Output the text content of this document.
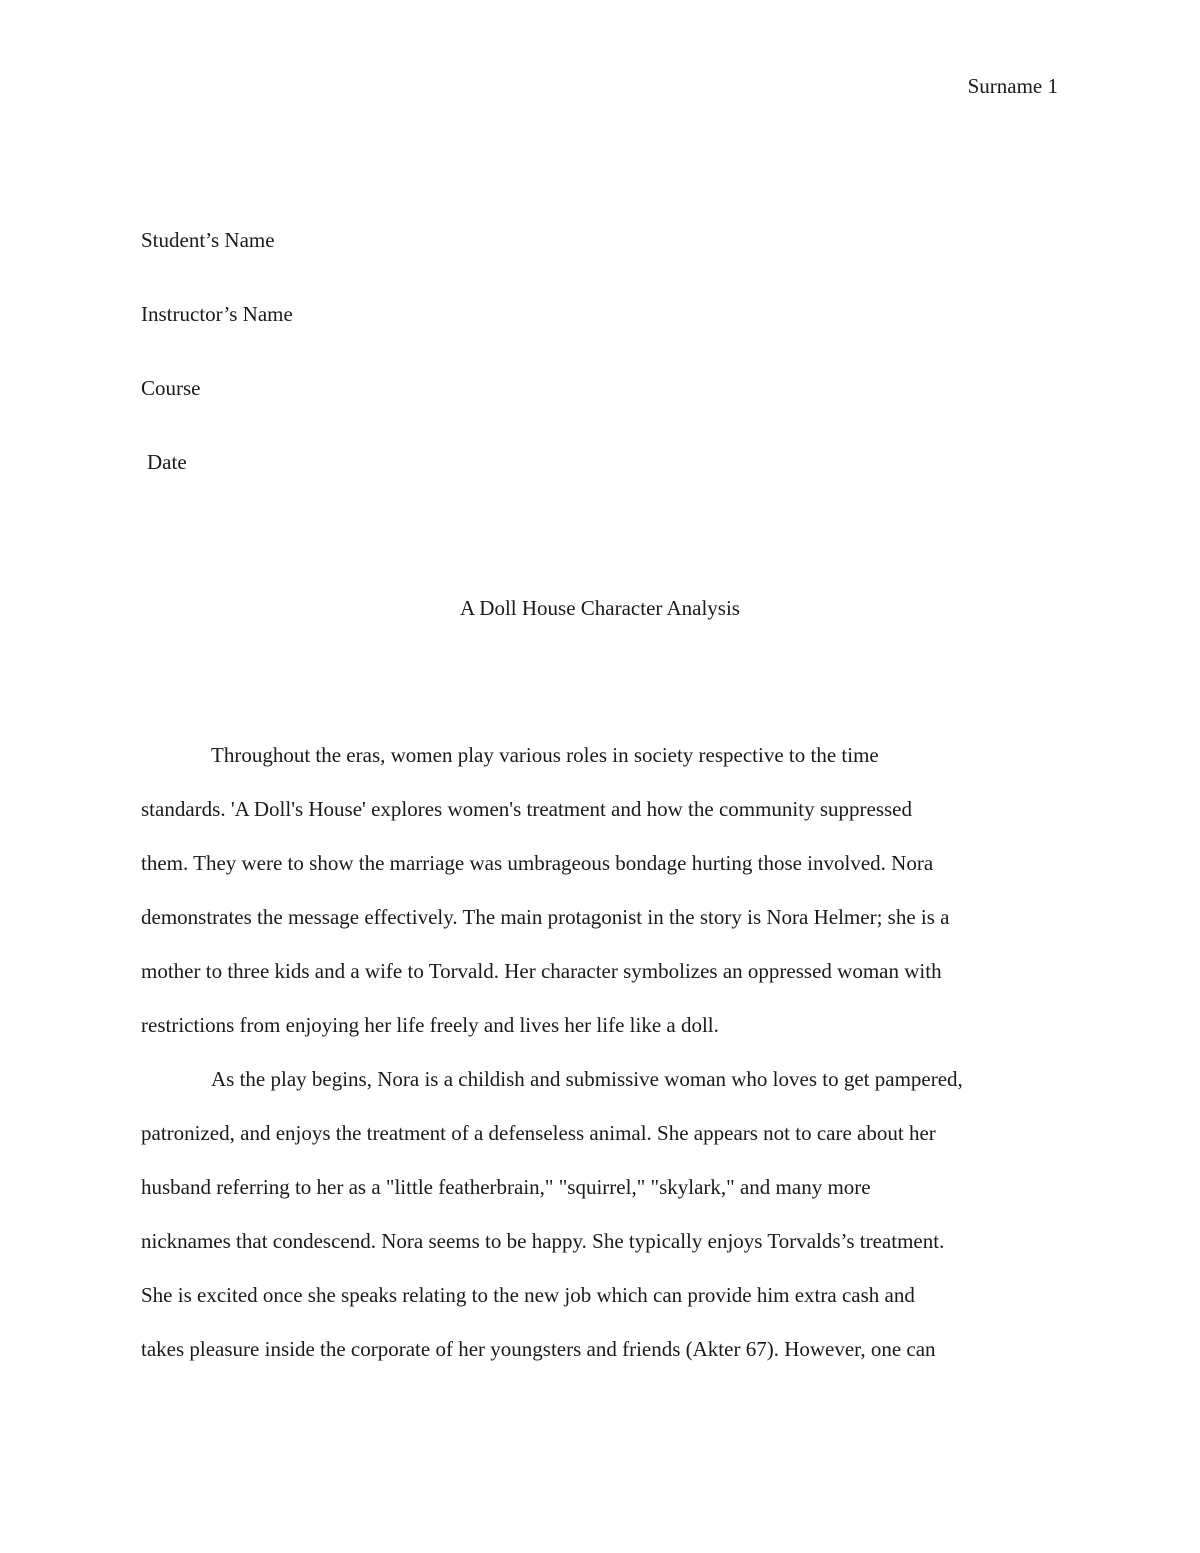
Surname 1
Student’s Name
Instructor’s Name
Course
Date
A Doll House Character Analysis
Throughout the eras, women play various roles in society respective to the time
standards. 'A Doll's House' explores women's treatment and how the community suppressed
them. They were to show the marriage was umbrageous bondage hurting those involved. Nora
demonstrates the message effectively. The main protagonist in the story is Nora Helmer; she is a
mother to three kids and a wife to Torvald. Her character symbolizes an oppressed woman with
restrictions from enjoying her life freely and lives her life like a doll.
As the play begins, Nora is a childish and submissive woman who loves to get pampered,
patronized, and enjoys the treatment of a defenseless animal. She appears not to care about her
husband referring to her as a "little featherbrain," "squirrel," "skylark," and many more
nicknames that condescend. Nora seems to be happy. She typically enjoys Torvalds’s treatment.
She is excited once she speaks relating to the new job which can provide him extra cash and
takes pleasure inside the corporate of her youngsters and friends (Akter 67). However, one can
